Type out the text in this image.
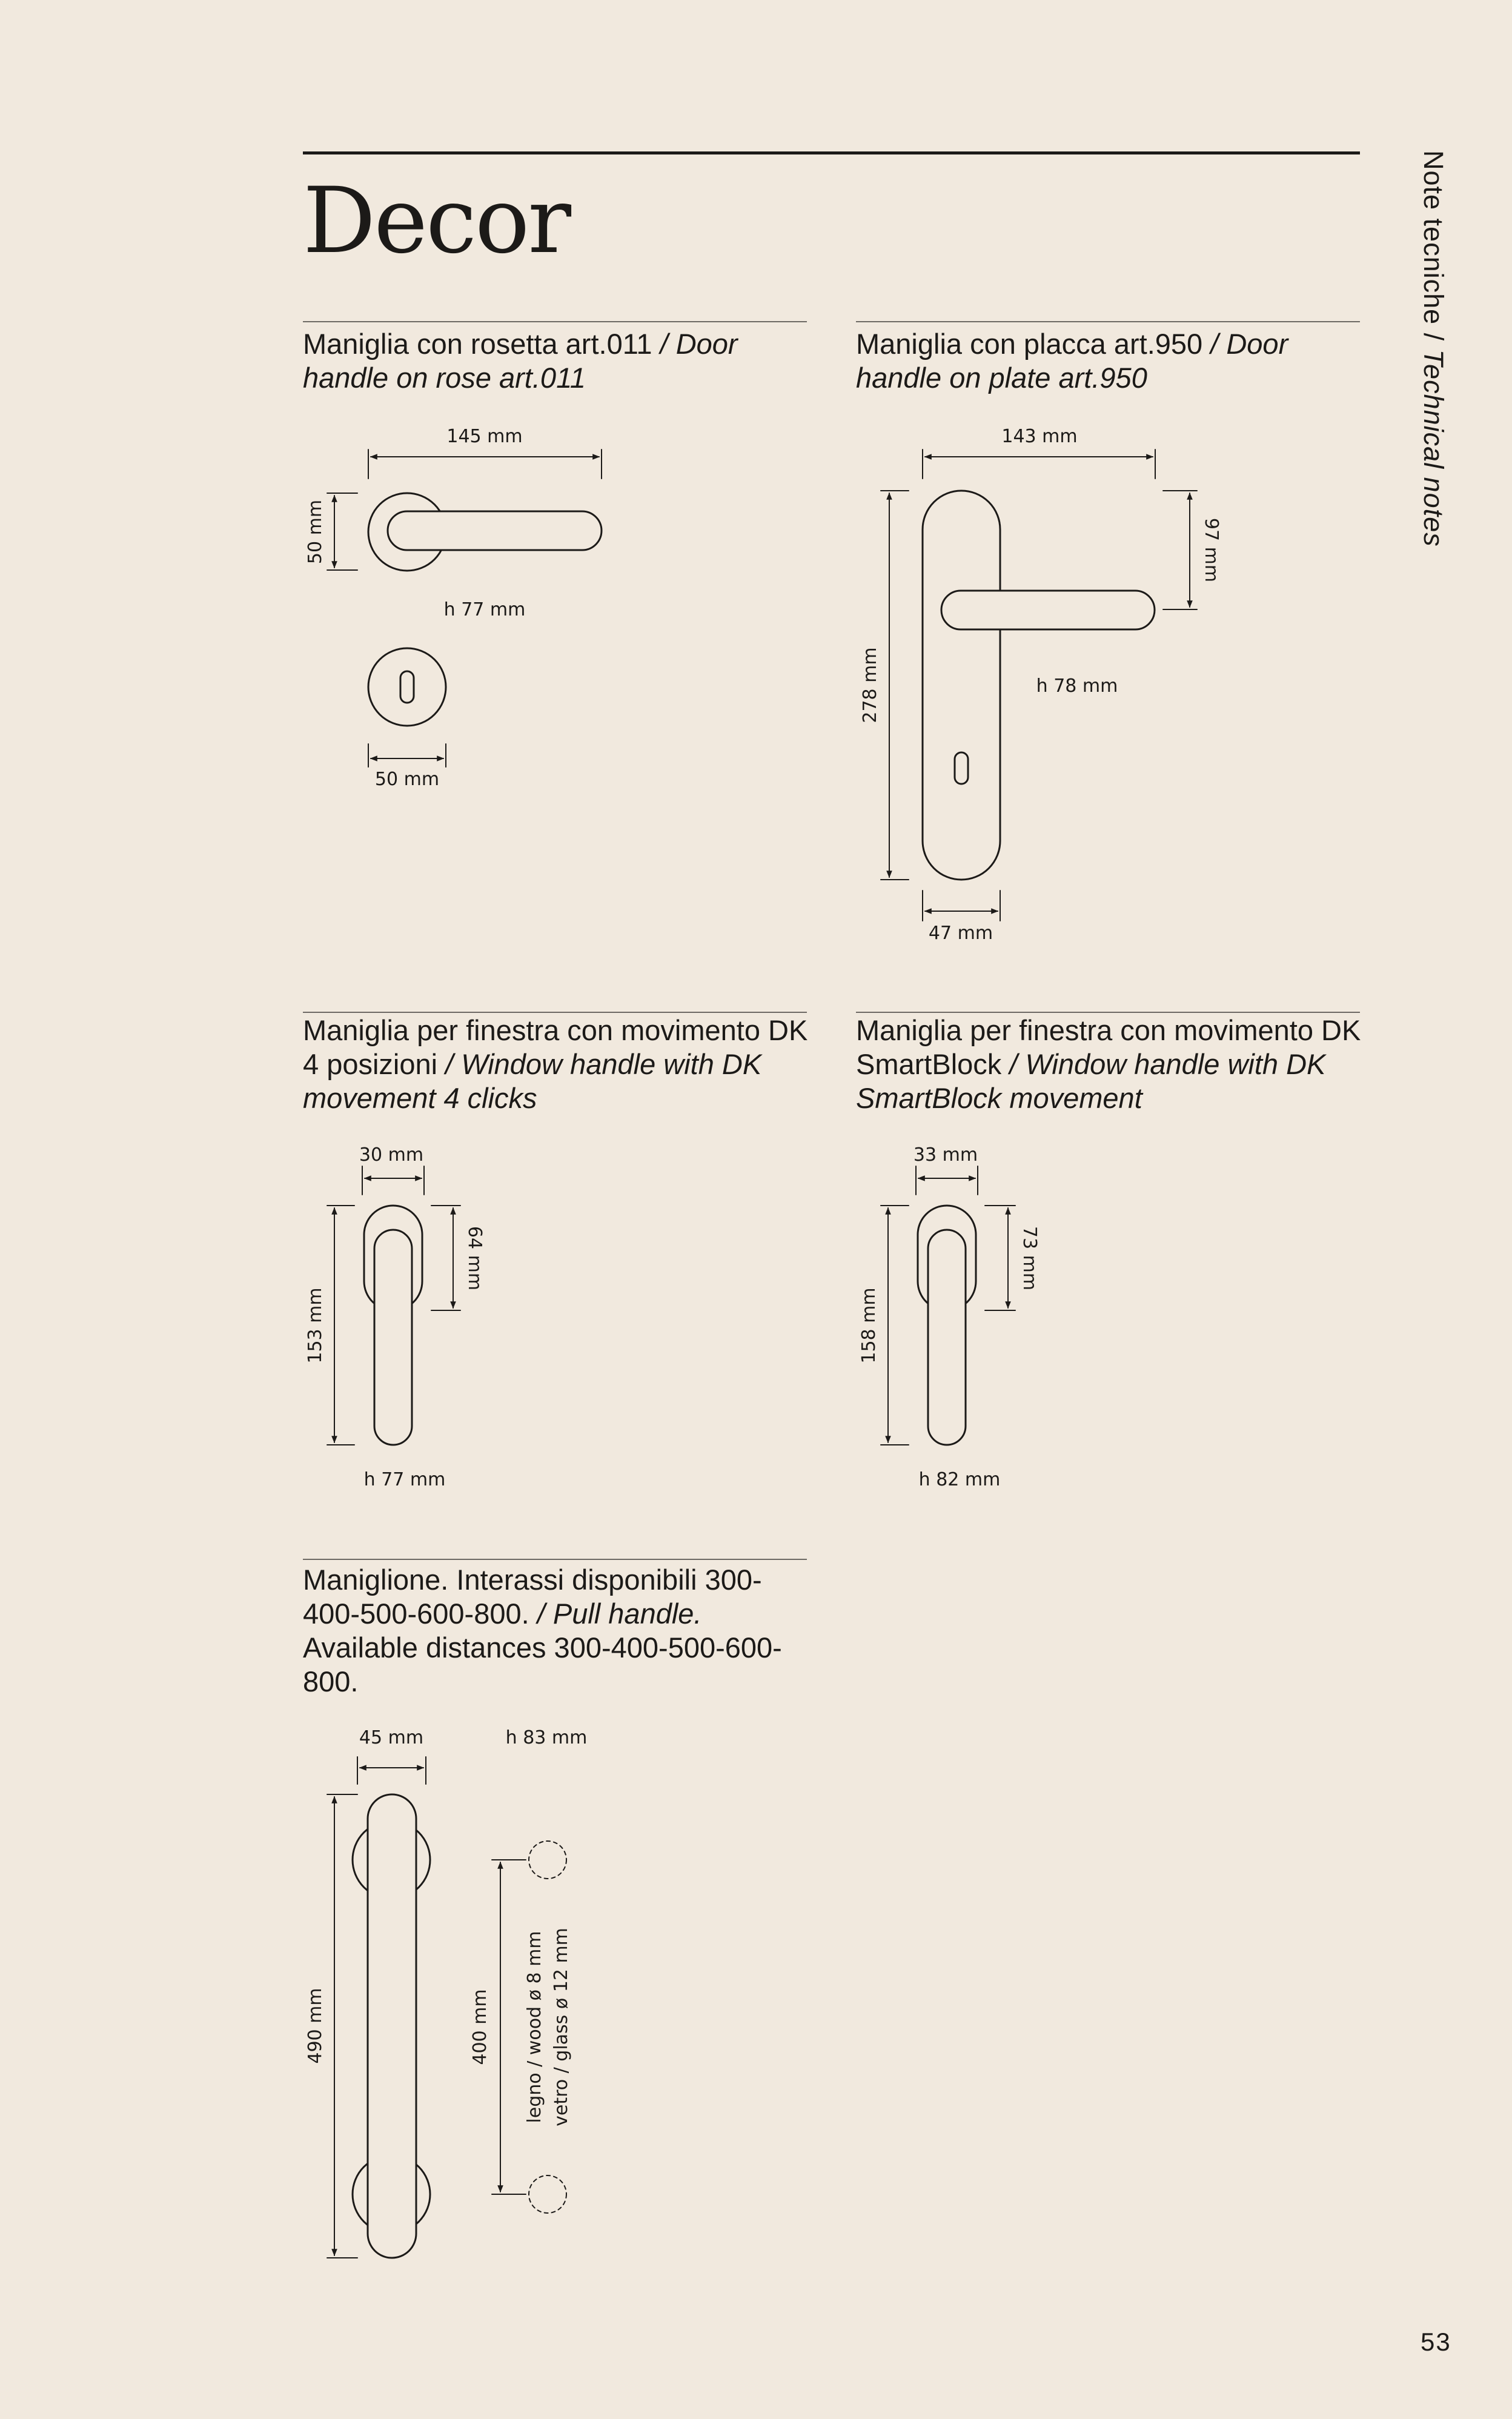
Decor	Note tecniche / Technical notes
Maniglia con rosetta art.011 / Door handle on rose art.011
Maniglia con placca art.950 / Door handle on plate art.950
Maniglia per finestra con movimento DK 4 posizioni / Window handle with DK movement 4 clicks
Maniglia per finestra con movimento DK SmartBlock / Window handle with DK SmartBlock movement
Maniglione. Interassi disponibili 300-400-500-600-800. / Pull handle. Available distances 300-400-500-600-800.
145 mm
50 mm
h 77 mm
50 mm
143 mm
278 mm
97 mm
h 78 mm
47 mm
30 mm
153 mm
64 mm
h 77 mm
33 mm
158 mm
73 mm
h 82 mm
45 mm	h 83 mm
490 mm	400 mm legno / wood ø 8 mm vetro / glass ø 12 mm
53
